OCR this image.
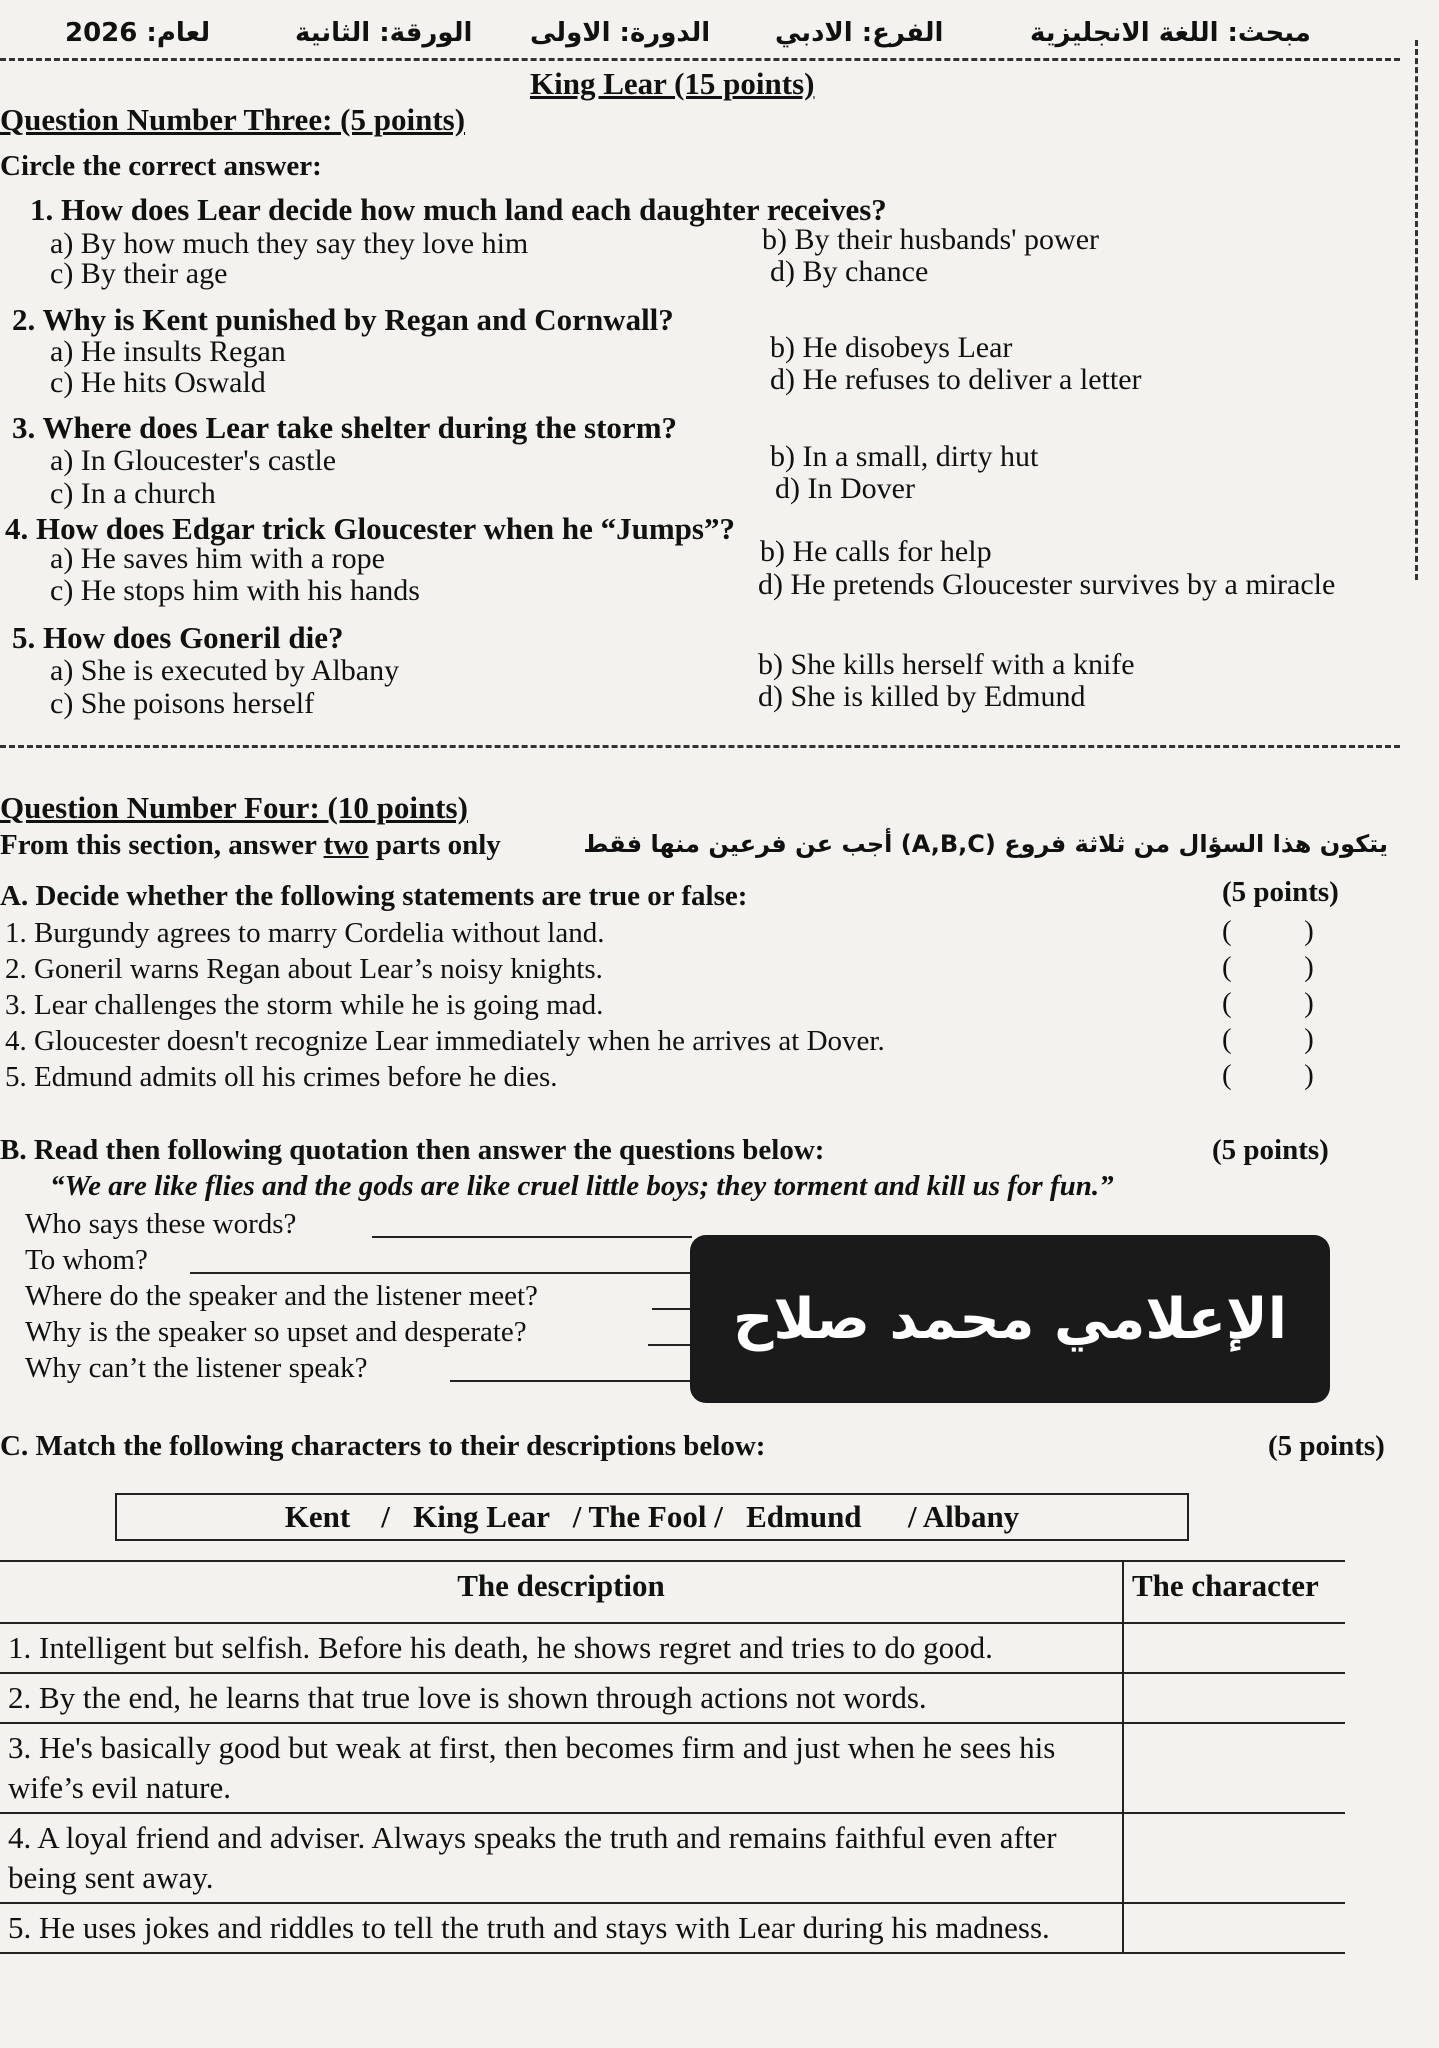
مبحث: اللغة الانجليزية
الفرع: الادبي
الدورة: الاولى
الورقة: الثانية
لعام: 2026
King Lear (15 points)
Question Number Three: (5 points)
Circle the correct answer:
1. How does Lear decide how much land each daughter receives?
a) By how much they say they love him	b) By their husbands' power
c) By their age	d) By chance
2. Why is Kent punished by Regan and Cornwall?
a) He insults Regan	b) He disobeys Lear
c) He hits Oswald	d) He refuses to deliver a letter
3. Where does Lear take shelter during the storm?
a) In Gloucester's castle	b) In a small, dirty hut
c) In a church	d) In Dover
4. How does Edgar trick Gloucester when he “Jumps”?
a) He saves him with a rope	b) He calls for help
c) He stops him with his hands	d) He pretends Gloucester survives by a miracle
5. How does Goneril die?
a) She is executed by Albany	b) She kills herself with a knife
c) She poisons herself	d) She is killed by Edmund
Question Number Four: (10 points)
From this section, answer two parts only	يتكون هذا السؤال من ثلاثة فروع (A,B,C) أجب عن فرعين منها فقط
A. Decide whether the following statements are true or false:	(5 points)
1. Burgundy agrees to marry Cordelia without land.	(          )
2. Goneril warns Regan about Lear’s noisy knights.	(          )
3. Lear challenges the storm while he is going mad.	(          )
4. Gloucester doesn't recognize Lear immediately when he arrives at Dover.	(          )
5. Edmund admits oll his crimes before he dies.	(          )
B. Read then following quotation then answer the questions below:	(5 points)
“We are like flies and the gods are like cruel little boys; they torment and kill us for fun.”
Who says these words?
To whom?
Where do the speaker and the listener meet?
Why is the speaker so upset and desperate?
Why can’t the listener speak?
الإعلامي محمد صلاح
C. Match the following characters to their descriptions below:	(5 points)
Kent    /   King Lear   / The Fool /   Edmund      / Albany
The description	The character
1. Intelligent but selfish. Before his death, he shows regret and tries to do good.	
2. By the end, he learns that true love is shown through actions not words.	
3. He's basically good but weak at first, then becomes firm and just when he sees his wife’s evil nature.	
4. A loyal friend and adviser. Always speaks the truth and remains faithful even after being sent away.	
5. He uses jokes and riddles to tell the truth and stays with Lear during his madness.	
